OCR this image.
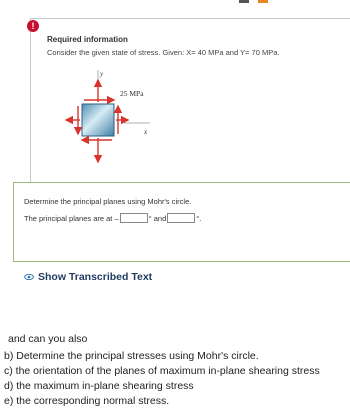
!
Required information
Consider the given state of stress. Given: X= 40 MPa and Y= 70 MPa.
y
x
25 MPa
Determine the principal planes using Mohr's circle.
The principal planes are at –	° and	°.
Show Transcribed Text
and can you also
b) Determine the principal stresses using Mohr's circle.
c) the orientation of the planes of maximum in-plane shearing stress
d) the maximum in-plane shearing stress
e) the corresponding normal stress.
